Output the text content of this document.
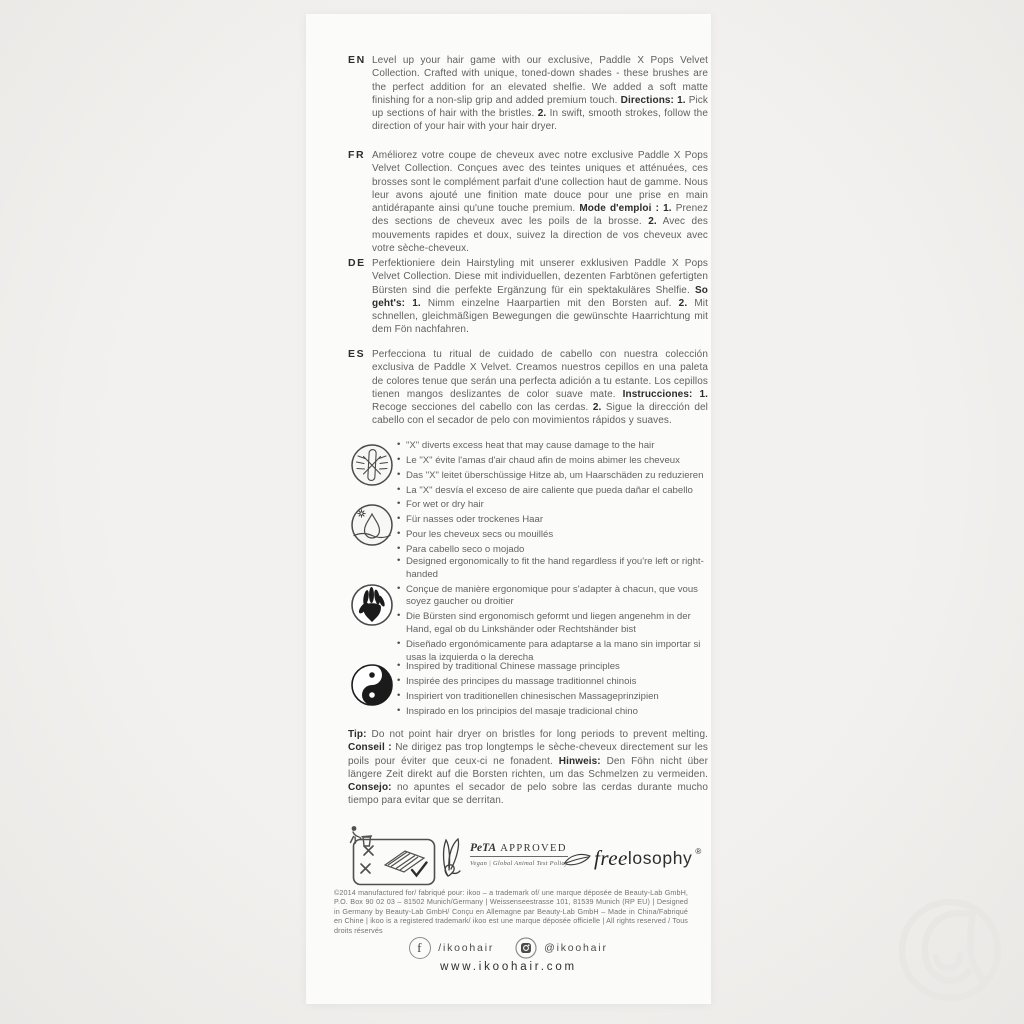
EN Level up your hair game with our exclusive, Paddle X Pops Velvet Collection. Crafted with unique, toned-down shades - these brushes are the perfect addition for an elevated shelfie. We added a soft matte finishing for a non-slip grip and added premium touch. Directions: 1. Pick up sections of hair with the bristles. 2. In swift, smooth strokes, follow the direction of your hair with your hair dryer.
FR Améliorez votre coupe de cheveux avec notre exclusive Paddle X Pops Velvet Collection. Conçues avec des teintes uniques et atténuées, ces brosses sont le complément parfait d'une collection haut de gamme. Nous leur avons ajouté une finition mate douce pour une prise en main antidérapante ainsi qu'une touche premium. Mode d'emploi : 1. Prenez des sections de cheveux avec les poils de la brosse. 2. Avec des mouvements rapides et doux, suivez la direction de vos cheveux avec votre sèche-cheveux.
DE Perfektioniere dein Hairstyling mit unserer exklusiven Paddle X Pops Velvet Collection. Diese mit individuellen, dezenten Farbtönen gefertigten Bürsten sind die perfekte Ergänzung für ein spektakuläres Shelfie. So geht's: 1. Nimm einzelne Haarpartien mit den Borsten auf. 2. Mit schnellen, gleichmäßigen Bewegungen die gewünschte Haarrichtung mit dem Fön nachfahren.
ES Perfecciona tu ritual de cuidado de cabello con nuestra colección exclusiva de Paddle X Velvet. Creamos nuestros cepillos en una paleta de colores tenue que serán una perfecta adición a tu estante. Los cepillos tienen mangos deslizantes de color suave mate. Instrucciones: 1. Recoge secciones del cabello con las cerdas. 2. Sigue la dirección del cabello con el secador de pelo con movimientos rápidos y suaves.
• "X" diverts excess heat that may cause damage to the hair
• Le "X" évite l'amas d'air chaud afin de moins abimer les cheveux
• Das "X" leitet überschüssige Hitze ab, um Haarschäden zu reduzieren
• La "X" desvía el exceso de aire caliente que pueda dañar el cabello
• For wet or dry hair
• Für nasses oder trockenes Haar
• Pour les cheveux secs ou mouillés
• Para cabello seco o mojado
• Designed ergonomically to fit the hand regardless if you're left or right-handed
• Conçue de manière ergonomique pour s'adapter à chacun, que vous soyez gaucher ou droitier
• Die Bürsten sind ergonomisch geformt und liegen angenehm in der Hand, egal ob du Linkshänder oder Rechtshänder bist
• Diseñado ergonómicamente para adaptarse a la mano sin importar si usas la izquierda o la derecha
• Inspired by traditional Chinese massage principles
• Inspirée des principes du massage traditionnel chinois
• Inspiriert von traditionellen chinesischen Massageprinzipien
• Inspirado en los principios del masaje tradicional chino
Tip: Do not point hair dryer on bristles for long periods to prevent melting. Conseil : Ne dirigez pas trop longtemps le sèche-cheveux directement sur les poils pour éviter que ceux-ci ne fonadent. Hinweis: Den Föhn nicht über längere Zeit direkt auf die Borsten richten, um das Schmelzen zu vermeiden. Consejo: no apuntes el secador de pelo sobre las cerdas durante mucho tiempo para evitar que se derritan.
PeTA APPROVED
Vegan | Global Animal Test Policy free losophy ®
©2014 manufactured for/ fabriqué pour: ikoo – a trademark of/ une marque déposée de Beauty-Lab GmbH, P.O. Box 90 02 03 – 81502 Munich/Germany | Weissenseestrasse 101, 81539 Munich (RP EU) | Designed in Germany by Beauty-Lab GmbH/ Conçu en Allemagne par Beauty-Lab GmbH – Made in China/Fabriqué en Chine | ikoo is a registered trademark/ ikoo est une marque déposée officielle | All rights reserved / Tous droits réservés
f /ikoohair	@ikoohair
www.ikoohair.com
